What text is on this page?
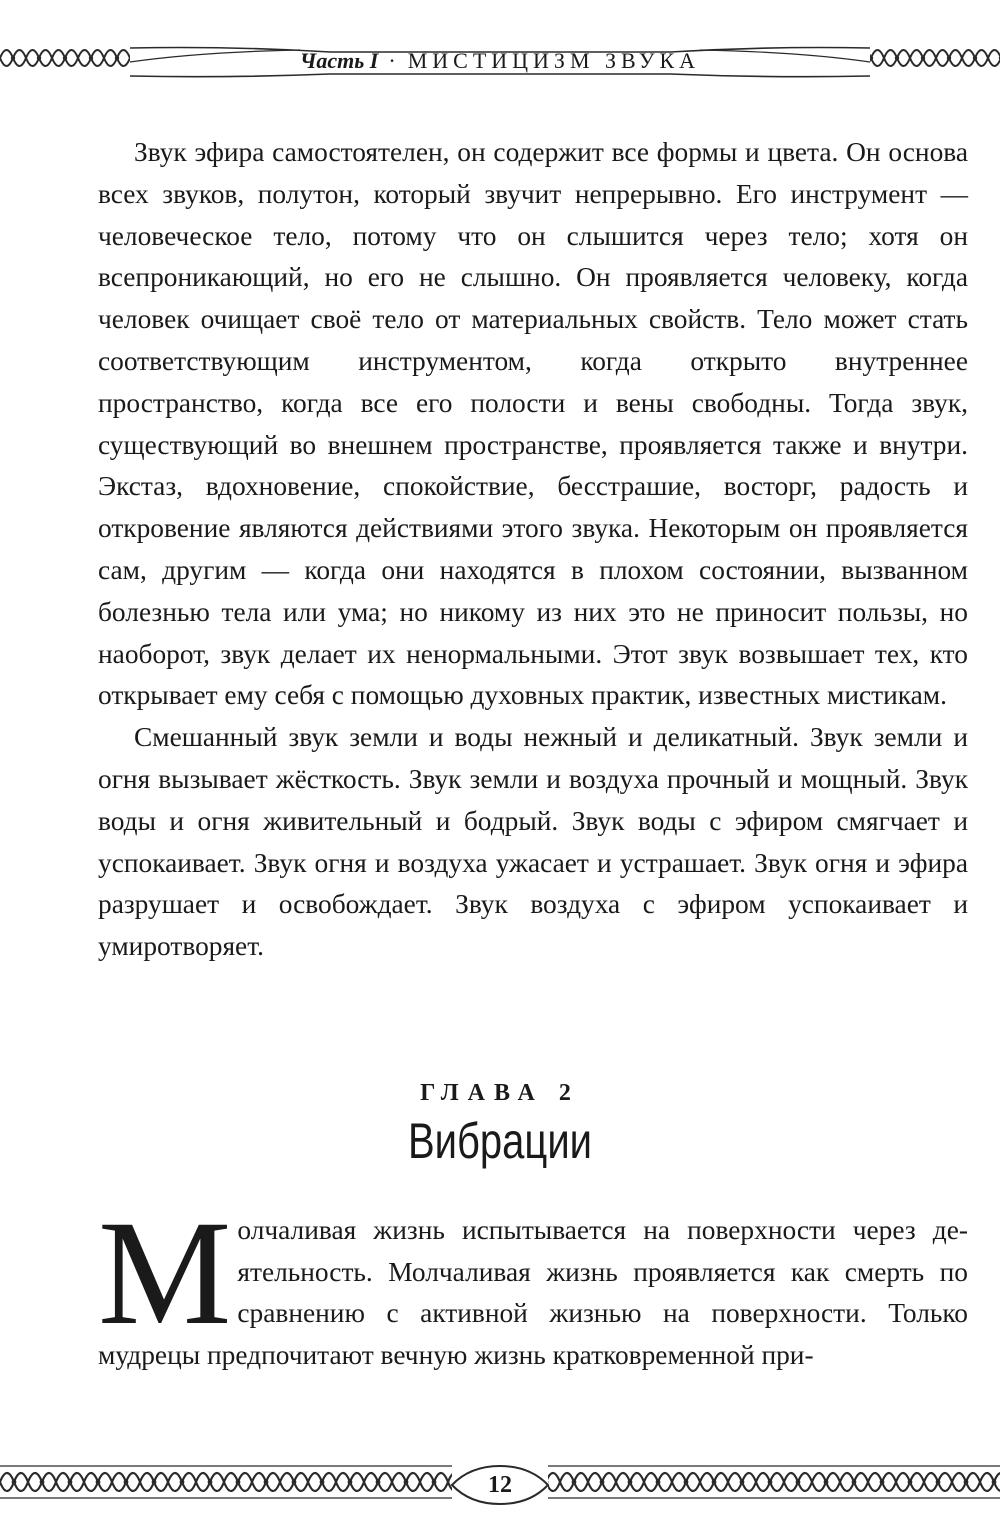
Часть I · МИСТИЦИЗМ ЗВУКА

Звук эфира самостоятелен, он содержит все формы и цвета. Он основа всех звуков, полутон, который звучит непрерывно. Его инструмент — человеческое тело, потому что он слышится через тело; хотя он всепроникающий, но его не слышно. Он проявляется человеку, когда человек очищает своё тело от материальных свойств. Тело может стать соответствующим инструментом, когда открыто внутреннее пространство, когда все его полости и вены свободны. Тогда звук, существующий во внешнем пространстве, проявляется также и внутри. Экстаз, вдохновение, спокойствие, бесстрашие, восторг, радость и откровение являются действиями этого звука. Некоторым он проявляется сам, другим — когда они находятся в плохом состоянии, вызванном болезнью тела или ума; но никому из них это не приносит пользы, но наоборот, звук делает их ненормальными. Этот звук возвышает тех, кто открывает ему себя с помощью духовных практик, известных мистикам.

Смешанный звук земли и воды нежный и деликатный. Звук земли и огня вызывает жёсткость. Звук земли и воздуха прочный и мощный. Звук воды и огня живительный и бодрый. Звук воды с эфиром смягчает и успокаивает. Звук огня и воздуха ужасает и устрашает. Звук огня и эфира разрушает и освобождает. Звук воздуха с эфиром успокаивает и умиротворяет.

ГЛАВА 2
Вибрации
Молчаливая жизнь испытывается на поверхности через деятельность. Молчаливая жизнь проявляется как смерть по сравнению с активной жизнью на поверхности. Только мудрецы предпочитают вечную жизнь кратковременной при-
12
